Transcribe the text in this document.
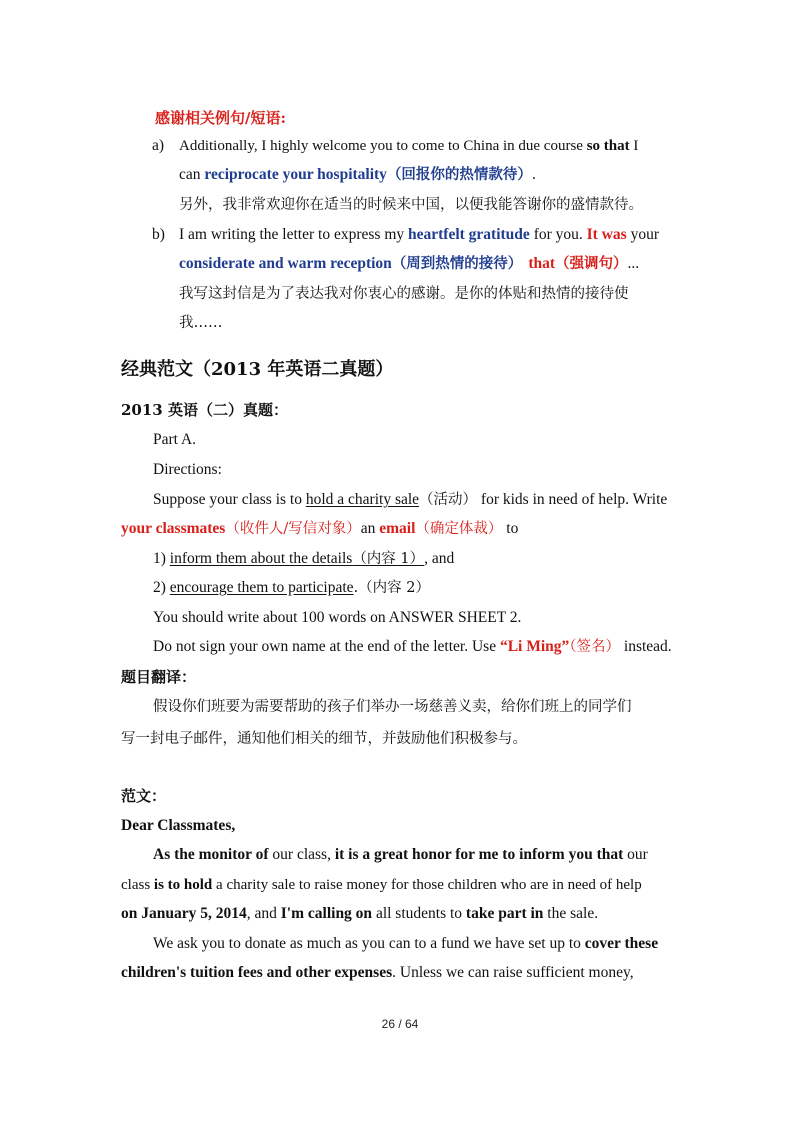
感谢相关例句/短语:
a) Additionally, I highly welcome you to come to China in due course so that I
can reciprocate your hospitality（回报你的热情款待）.
另外，我非常欢迎你在适当的时候来中国，以便我能答谢你的盛情款待。
b) I am writing the letter to express my heartfelt gratitude for you. It was your
considerate and warm reception（周到热情的接待） that（强调句）...
我写这封信是为了表达我对你衷心的感谢。是你的体贴和热情的接待使
我……
经典范文（2013 年英语二真题）
2013 英语（二）真题：
Part A.
Directions:
Suppose your class is to hold a charity sale（活动） for kids in need of help. Write
your classmates（收件人/写信对象）an email（确定体裁） to
1) inform them about the details（内容 1）, and
2) encourage them to participate.（内容 2）
You should write about 100 words on ANSWER SHEET 2.
Do not sign your own name at the end of the letter. Use “Li Ming”（签名） instead.
题目翻译：
假设你们班要为需要帮助的孩子们举办一场慈善义卖，给你们班上的同学们
写一封电子邮件，通知他们相关的细节，并鼓励他们积极参与。
范文：
Dear Classmates,
As the monitor of our class, it is a great honor for me to inform you that our
class is to hold a charity sale to raise money for those children who are in need of help
on January 5, 2014, and I'm calling on all students to take part in the sale.
We ask you to donate as much as you can to a fund we have set up to cover these
children's tuition fees and other expenses. Unless we can raise sufficient money,
26 / 64
